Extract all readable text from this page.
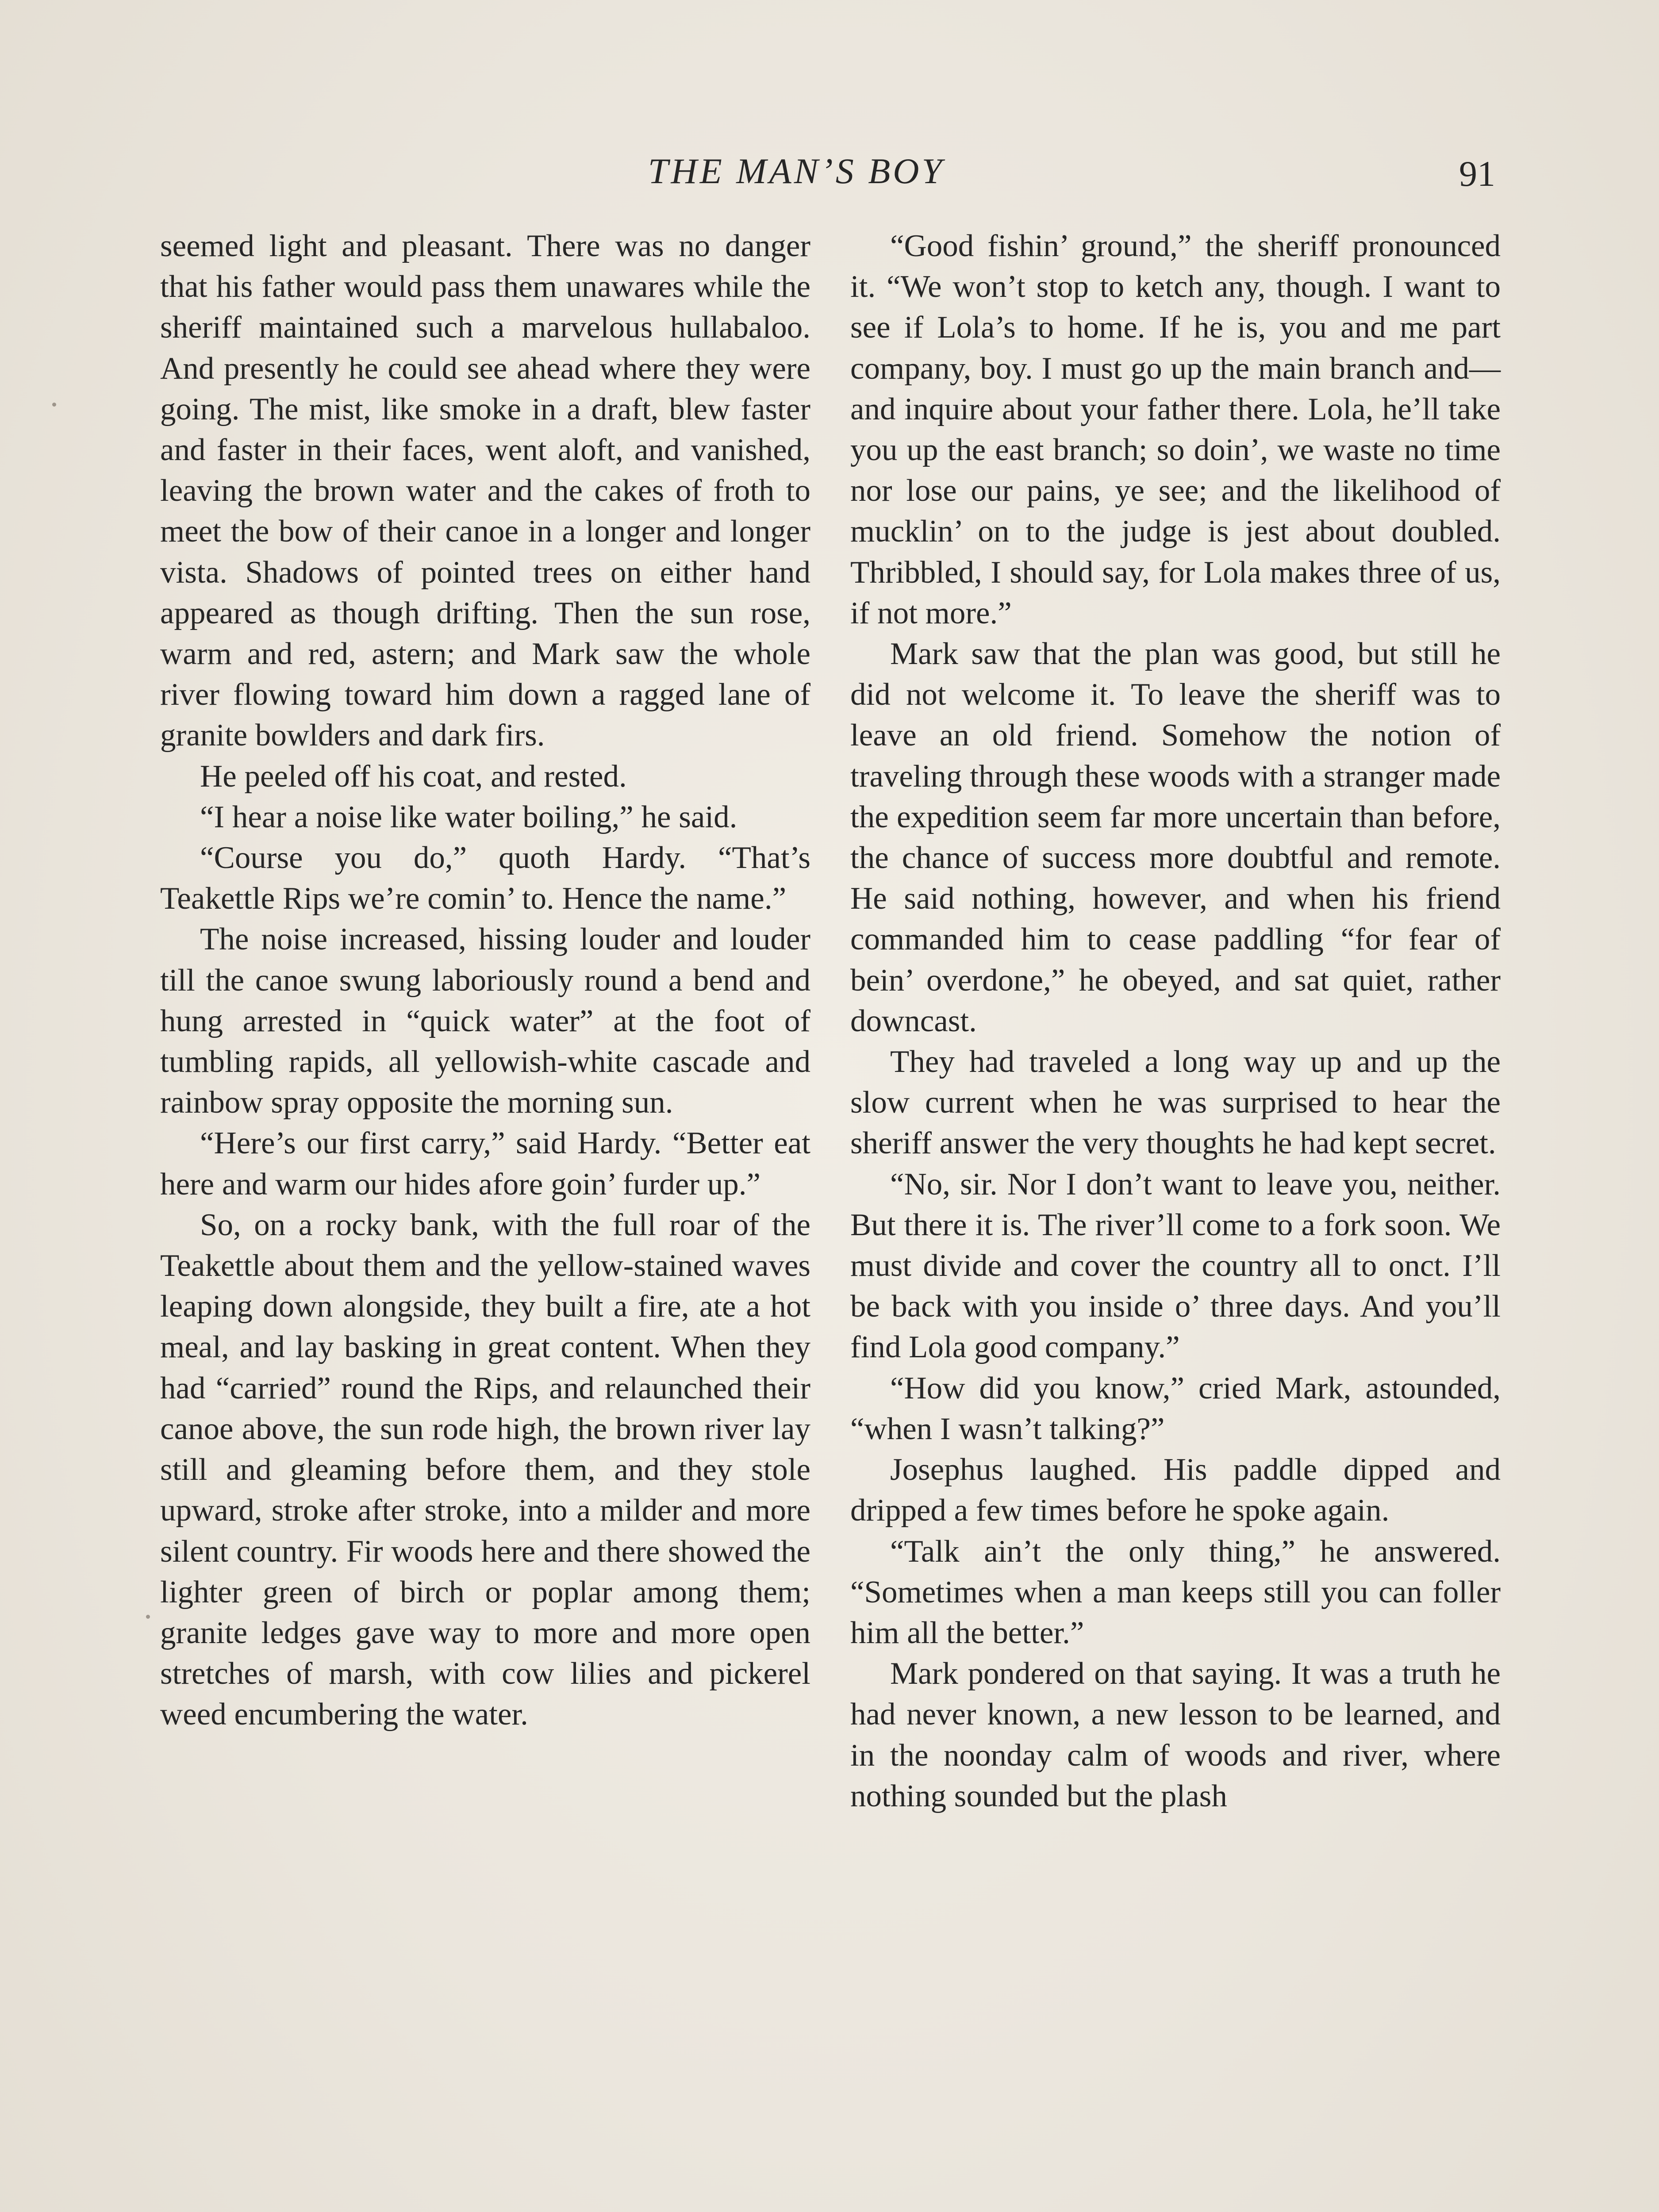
THE MAN’S BOY	91

seemed light and pleasant. There was no danger that his father would pass them unawares while the sheriff maintained such a marvelous hullabaloo. And presently he could see ahead where they were going. The mist, like smoke in a draft, blew faster and faster in their faces, went aloft, and vanished, leaving the brown water and the cakes of froth to meet the bow of their canoe in a longer and longer vista. Shadows of pointed trees on either hand appeared as though drifting. Then the sun rose, warm and red, astern; and Mark saw the whole river flowing toward him down a ragged lane of granite bowlders and dark firs.

He peeled off his coat, and rested.

“I hear a noise like water boiling,” he said.

“Course you do,” quoth Hardy. “That’s Teakettle Rips we’re comin’ to. Hence the name.”

The noise increased, hissing louder and louder till the canoe swung laboriously round a bend and hung arrested in “quick water” at the foot of tumbling rapids, all yellowish-white cascade and rainbow spray opposite the morning sun.

“Here’s our first carry,” said Hardy. “Better eat here and warm our hides afore goin’ furder up.”

So, on a rocky bank, with the full roar of the Teakettle about them and the yellow-stained waves leaping down alongside, they built a fire, ate a hot meal, and lay basking in great content. When they had “carried” round the Rips, and relaunched their canoe above, the sun rode high, the brown river lay still and gleaming before them, and they stole upward, stroke after stroke, into a milder and more silent country. Fir woods here and there showed the lighter green of birch or poplar among them; granite ledges gave way to more and more open stretches of marsh, with cow lilies and pickerel weed encumbering the water.

“Good fishin’ ground,” the sheriff pronounced it. “We won’t stop to ketch any, though. I want to see if Lola’s to home. If he is, you and me part company, boy. I must go up the main branch and—and inquire about your father there. Lola, he’ll take you up the east branch; so doin’, we waste no time nor lose our pains, ye see; and the likelihood of mucklin’ on to the judge is jest about doubled. Thribbled, I should say, for Lola makes three of us, if not more.”

Mark saw that the plan was good, but still he did not welcome it. To leave the sheriff was to leave an old friend. Somehow the notion of traveling through these woods with a stranger made the expedition seem far more uncertain than before, the chance of success more doubtful and remote. He said nothing, however, and when his friend commanded him to cease paddling “for fear of bein’ overdone,” he obeyed, and sat quiet, rather downcast.

They had traveled a long way up and up the slow current when he was surprised to hear the sheriff answer the very thoughts he had kept secret.

“No, sir. Nor I don’t want to leave you, neither. But there it is. The river’ll come to a fork soon. We must divide and cover the country all to onct. I’ll be back with you inside o’ three days. And you’ll find Lola good company.”

“How did you know,” cried Mark, astounded, “when I wasn’t talking?”

Josephus laughed. His paddle dipped and dripped a few times before he spoke again.

“Talk ain’t the only thing,” he answered. “Sometimes when a man keeps still you can foller him all the better.”

Mark pondered on that saying. It was a truth he had never known, a new lesson to be learned, and in the noonday calm of woods and river, where nothing sounded but the plash
